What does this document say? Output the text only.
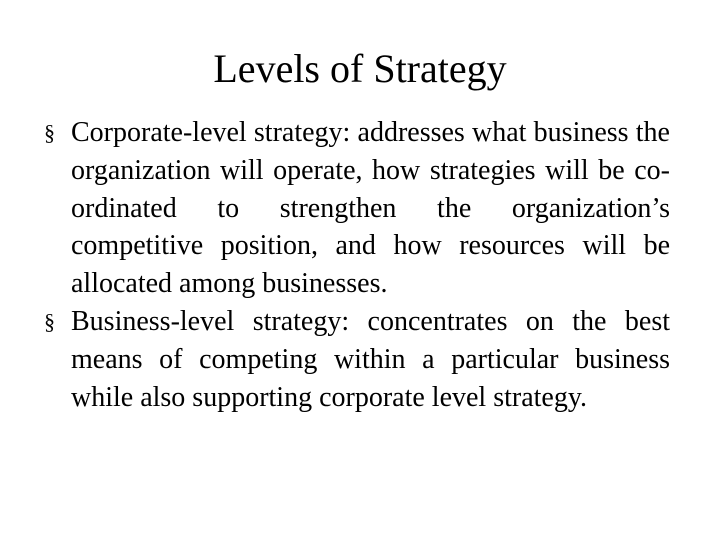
Levels of Strategy
§ Corporate-level strategy: addresses what business the organization will operate, how strategies will be co-ordinated to strengthen the organization’s competitive position, and how resources will be allocated among businesses.
§ Business-level strategy: concentrates on the best means of competing within a particular business while also supporting corporate level strategy.
